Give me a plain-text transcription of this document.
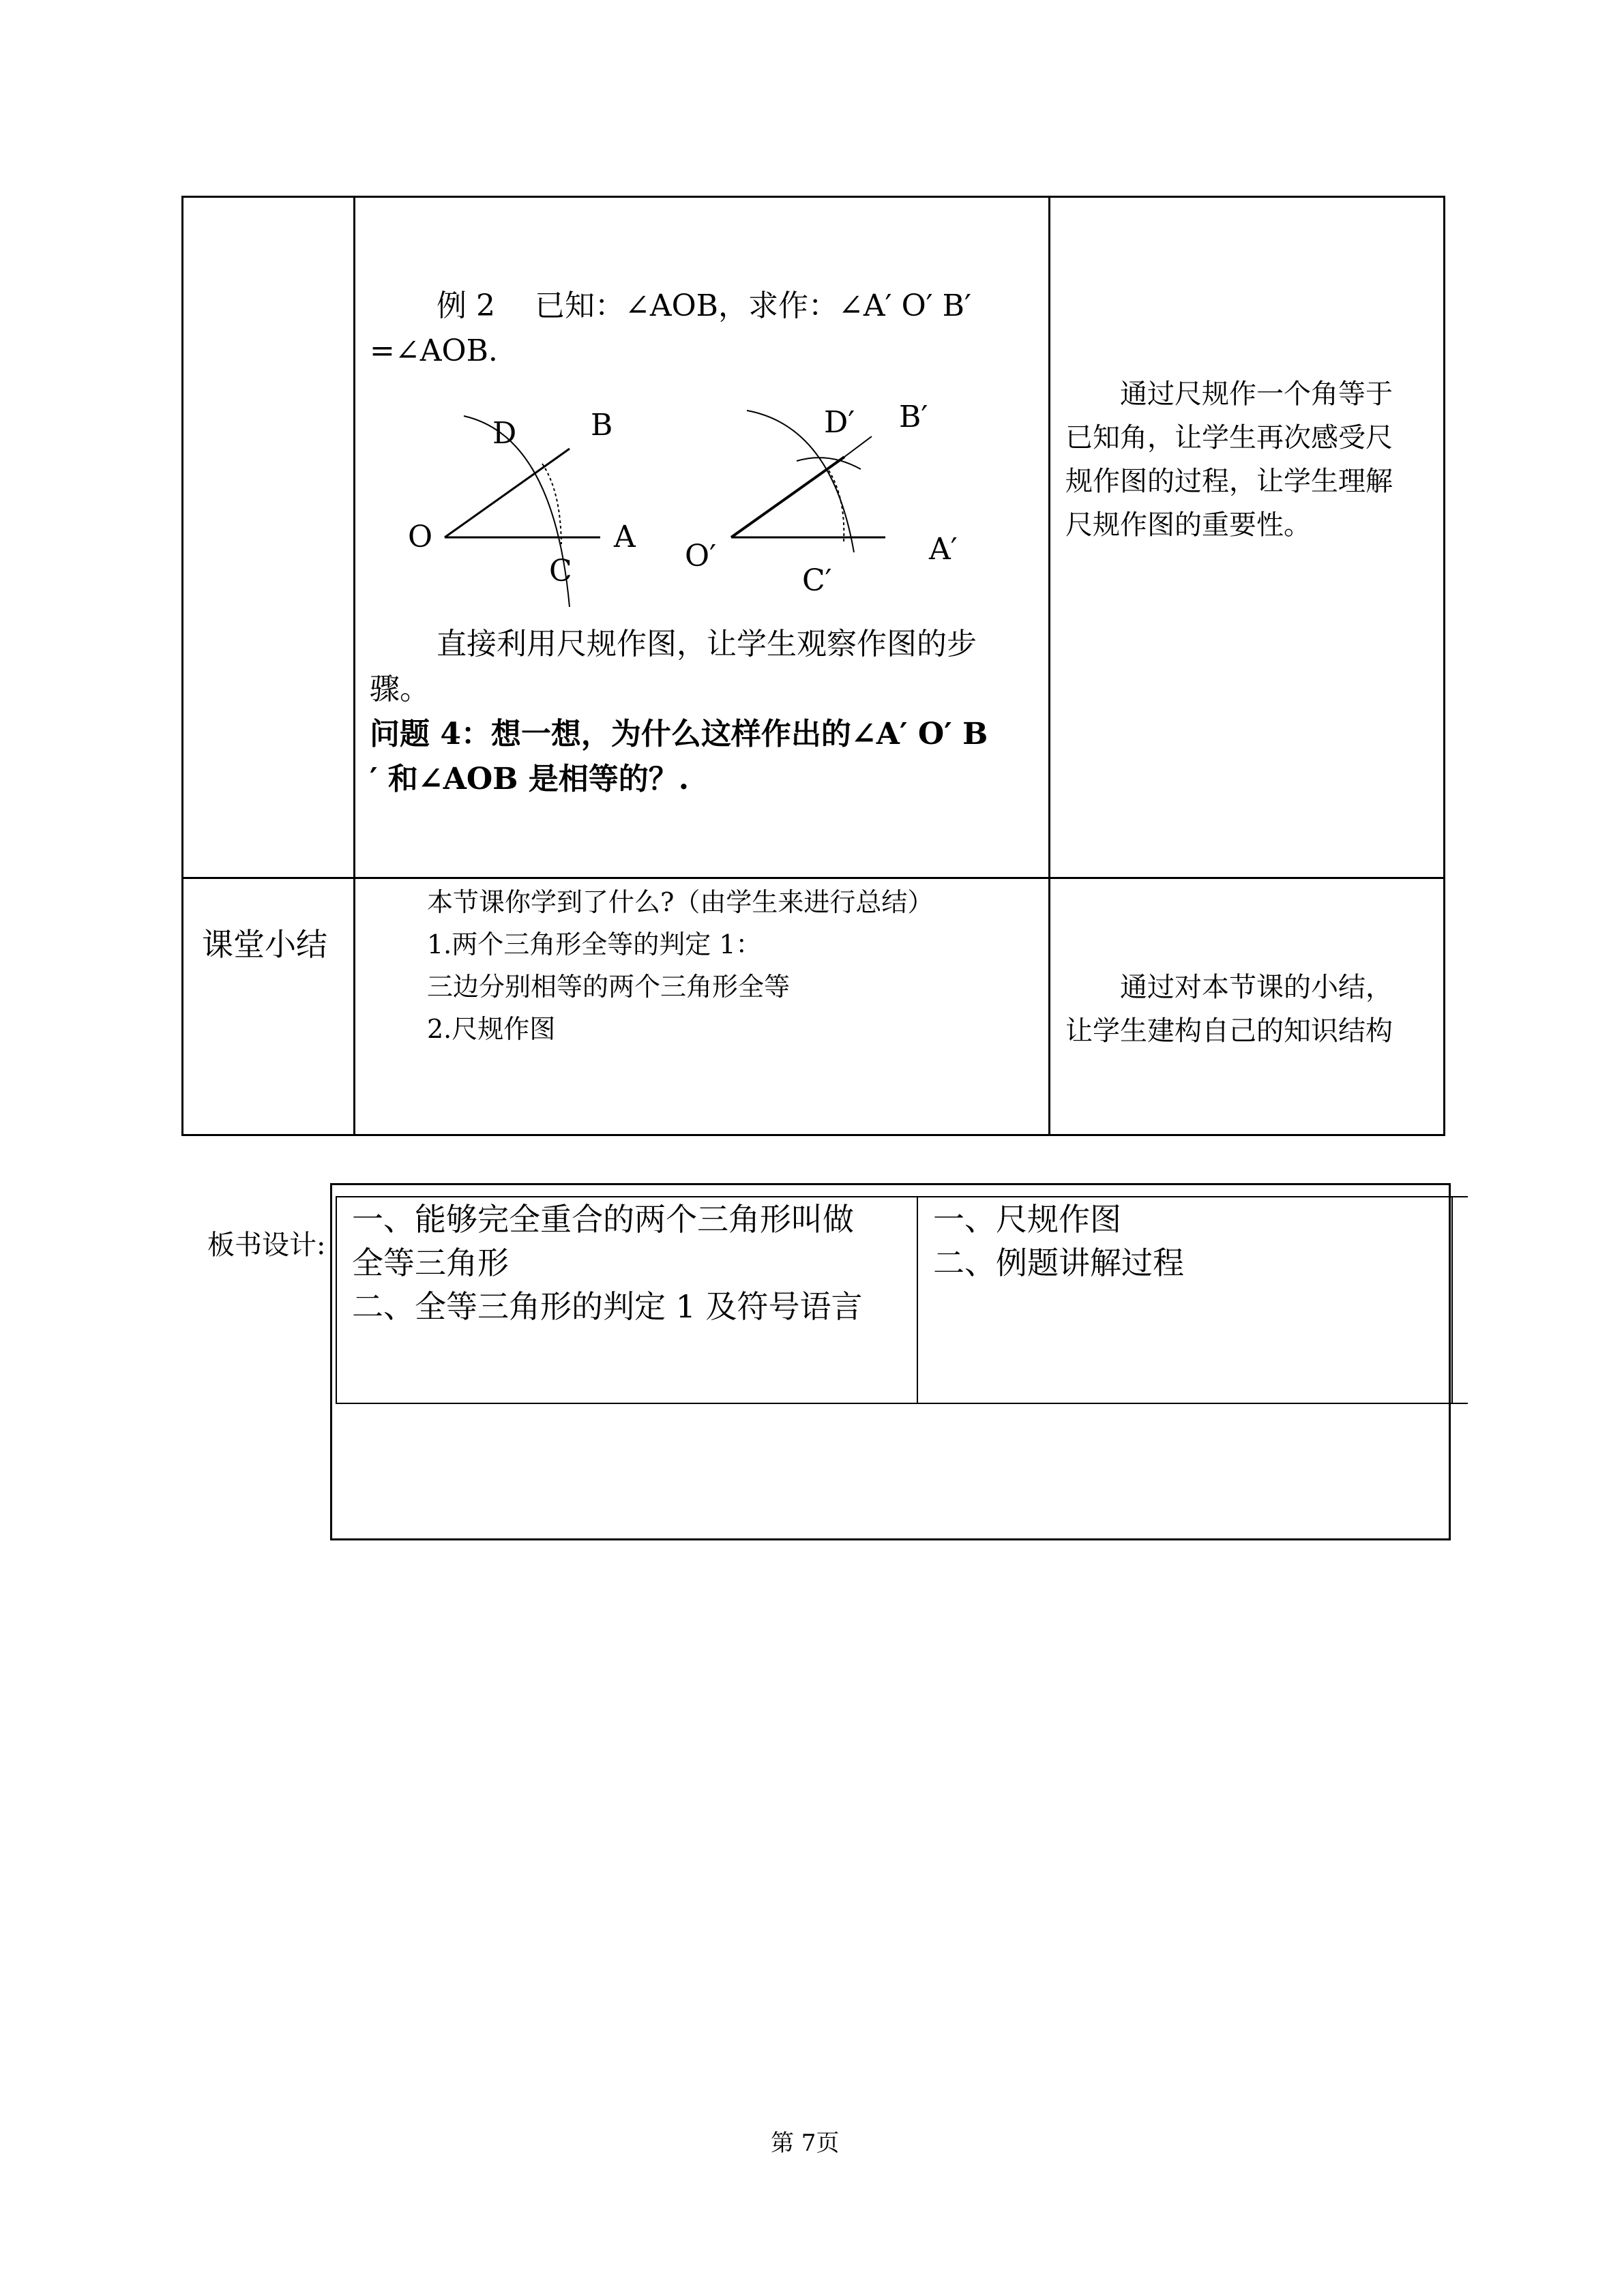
例 2　 已知：∠AOB，求作：∠A′ O′ B′
=∠AOB.
D B
O	A
C
D′ B′
O′	A′
C′
直接利用尺规作图，让学生观察作图的步
骤。
问题 4：想一想，为什么这样作出的∠A′ O′ B
′ 和∠AOB 是相等的？.
通过尺规作一个角等于
已知角，让学生再次感受尺
规作图的过程，让学生理解
尺规作图的重要性。
课堂小结
本节课你学到了什么?（由学生来进行总结）
1.两个三角形全等的判定 1：
三边分别相等的两个三角形全等
2.尺规作图
通过对本节课的小结，
让学生建构自己的知识结构
板书设计:
一、能够完全重合的两个三角形叫做
全等三角形
二、全等三角形的判定 1 及符号语言
一、尺规作图
二、例题讲解过程
第 7页
